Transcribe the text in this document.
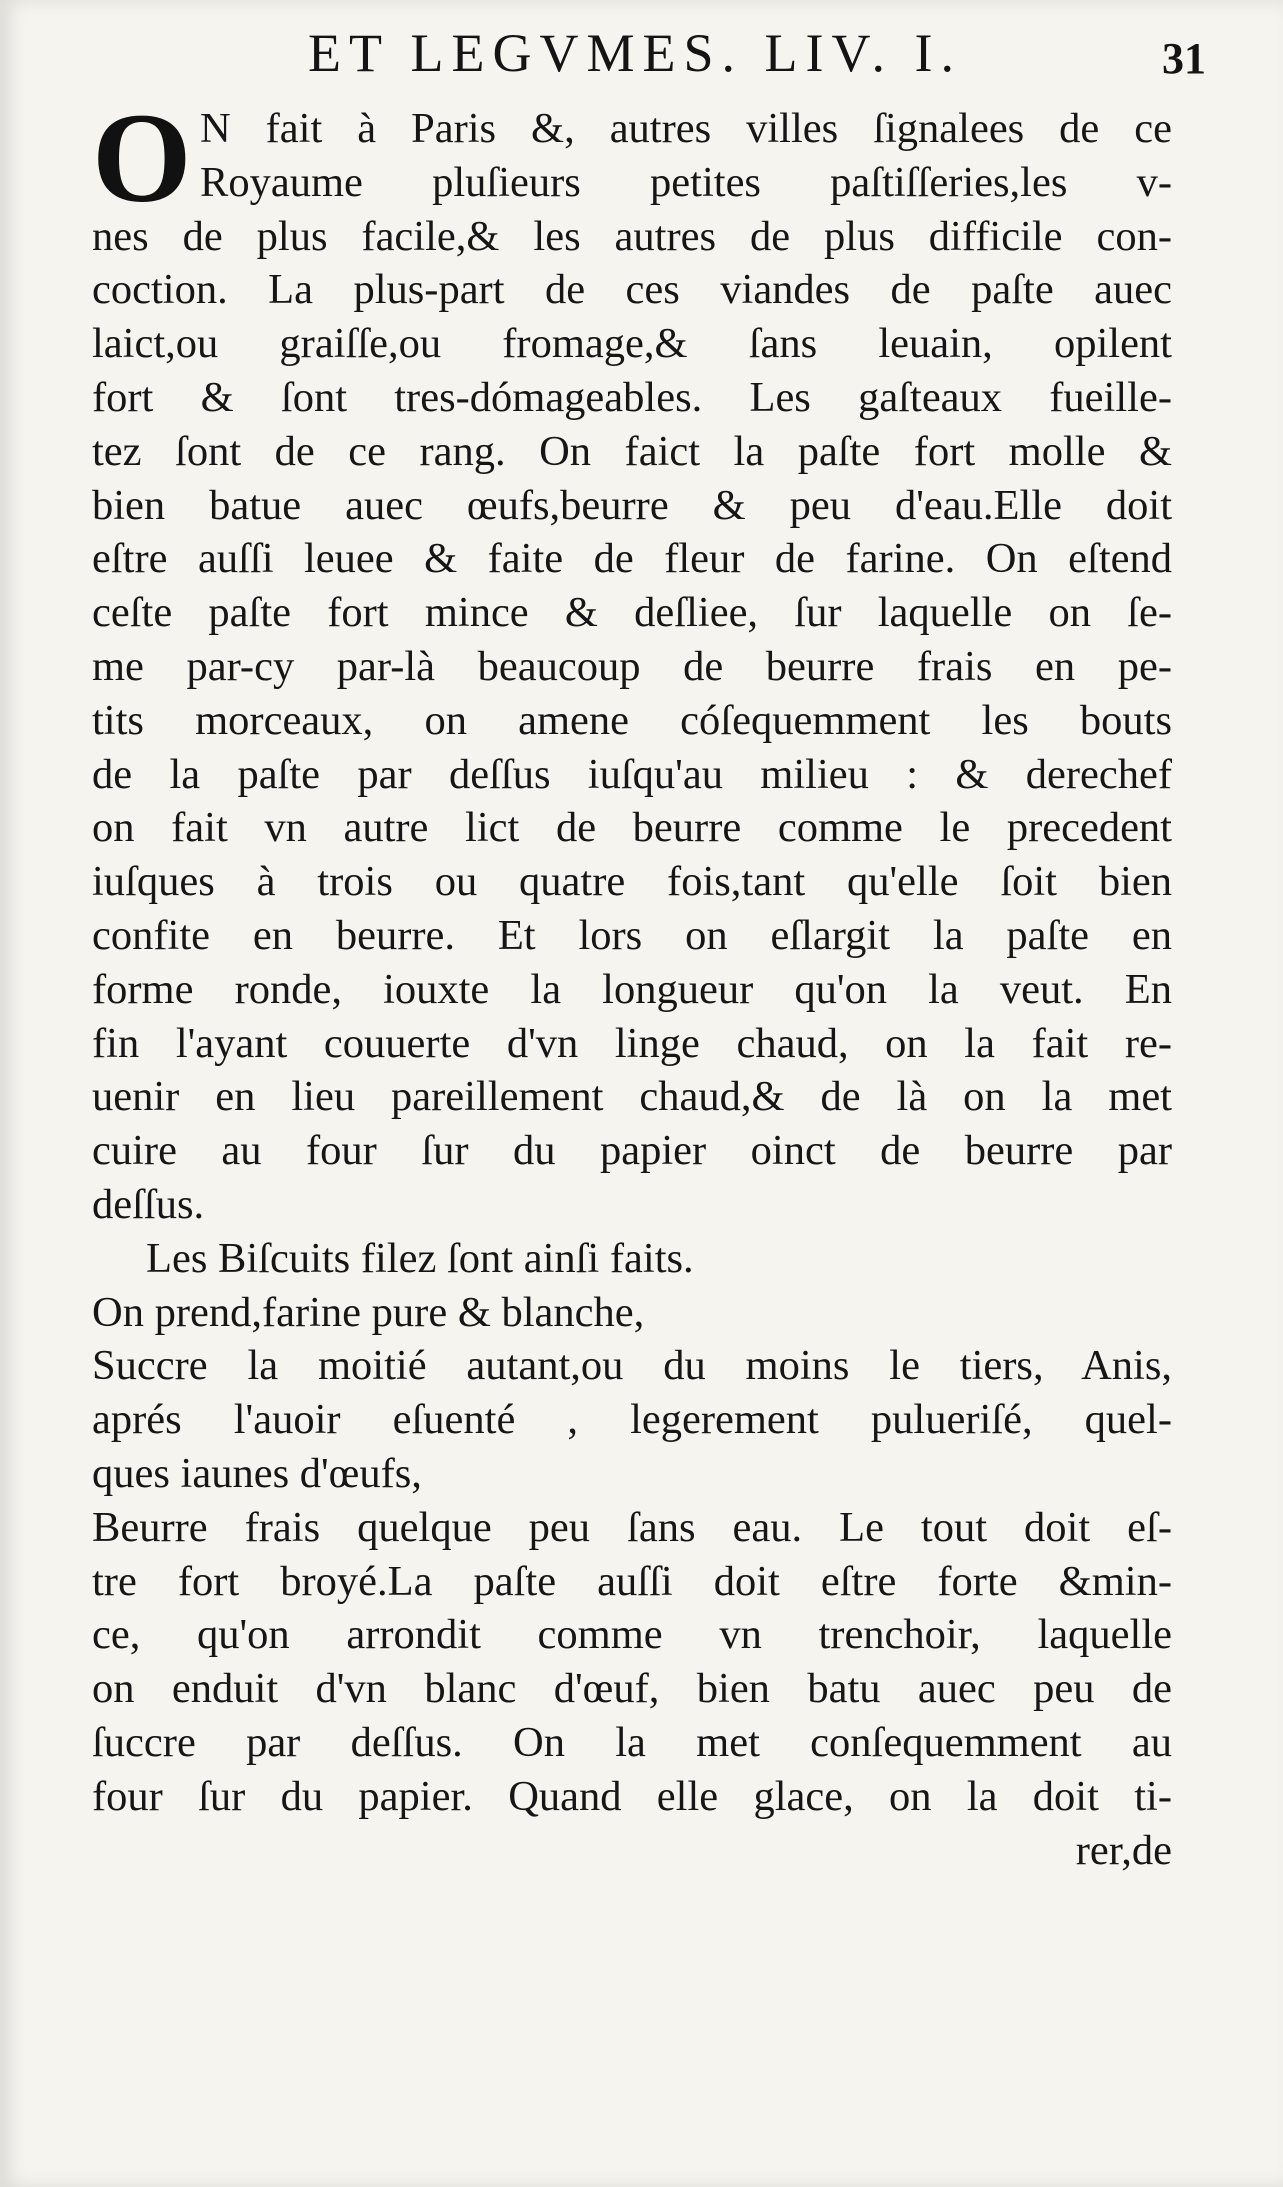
ET LEGVMES. LIV. I.	31
O N fait à Paris &, autres villes ſignalees de ce
Royaume pluſieurs petites paſtiſſeries,les v-
nes de plus facile,& les autres de plus difficile con-
coction. La plus-part de ces viandes de paſte auec
laict,ou graiſſe,ou fromage,& ſans leuain, opilent
fort & ſont tres-dómageables. Les gaſteaux fueille-
tez ſont de ce rang. On faict la paſte fort molle &
bien batue auec œufs,beurre & peu d'eau.Elle doit
eſtre auſſi leuee & faite de fleur de farine. On eſtend
ceſte paſte fort mince & deſliee, ſur laquelle on ſe-
me par-cy par-là beaucoup de beurre frais en pe-
tits morceaux, on amene cóſequemment les bouts
de la paſte par deſſus iuſqu'au milieu : & derechef
on fait vn autre lict de beurre comme le precedent
iuſques à trois ou quatre fois,tant qu'elle ſoit bien
confite en beurre. Et lors on eſlargit la paſte en
forme ronde, iouxte la longueur qu'on la veut. En
fin l'ayant couuerte d'vn linge chaud, on la fait re-
uenir en lieu pareillement chaud,& de là on la met
cuire au four ſur du papier oinct de beurre par
deſſus.
Les Biſcuits filez ſont ainſi faits.
On prend,farine pure & blanche,
Succre la moitié autant,ou du moins le tiers, Anis,
aprés l'auoir eſuenté , legerement pulueriſé, quel-
ques iaunes d'œufs,
Beurre frais quelque peu ſans eau. Le tout doit eſ-
tre fort broyé.La paſte auſſi doit eſtre forte &min-
ce, qu'on arrondit comme vn trenchoir, laquelle
on enduit d'vn blanc d'œuf, bien batu auec peu de
ſuccre par deſſus. On la met conſequemment au
four ſur du papier. Quand elle glace, on la doit ti-
rer,de
